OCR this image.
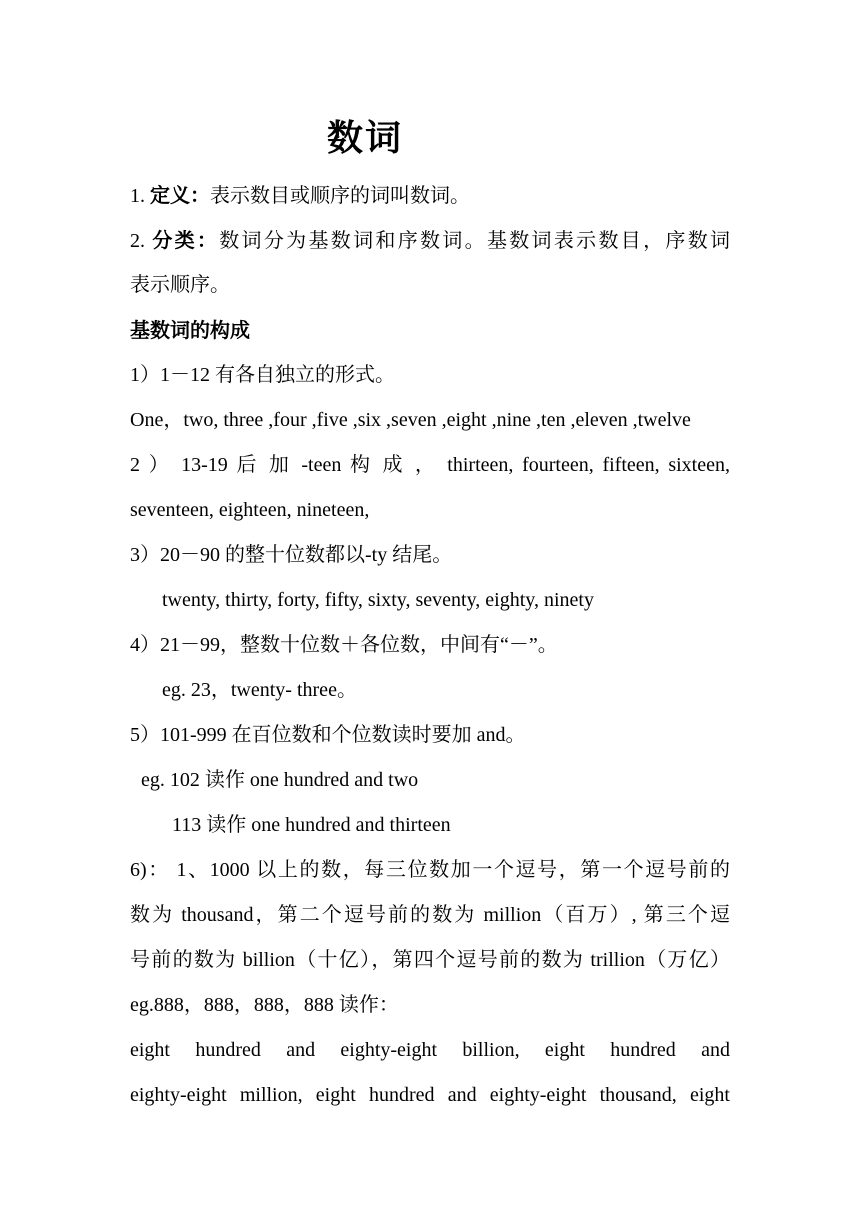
数词
1. 定义：表示数目或顺序的词叫数词。
2. 分类：数词分为基数词和序数词。基数词表示数目，序数词
表示顺序。
基数词的构成
1）1－12 有各自独立的形式。
One，two, three ,four ,five ,six ,seven ,eight ,nine ,ten ,eleven ,twelve
2 ） 13-19 后 加 -teen 构 成 ， thirteen, fourteen, fifteen, sixteen,
seventeen, eighteen, nineteen,
3）20－90 的整十位数都以-ty 结尾。
twenty, thirty, forty, fifty, sixty, seventy, eighty, ninety
4）21－99，整数十位数＋各位数，中间有“－”。
eg. 23，twenty- three。
5）101-999 在百位数和个位数读时要加 and。
eg. 102 读作 one hundred and two
113 读作 one hundred and thirteen
6)： 1、1000 以上的数，每三位数加一个逗号，第一个逗号前的
数为 thousand，第二个逗号前的数为 million（百万）, 第三个逗
号前的数为 billion（十亿），第四个逗号前的数为 trillion（万亿）
eg.888，888，888，888 读作：
eight hundred and eighty-eight billion, eight hundred and
eighty-eight million, eight hundred and eighty-eight thousand, eight
